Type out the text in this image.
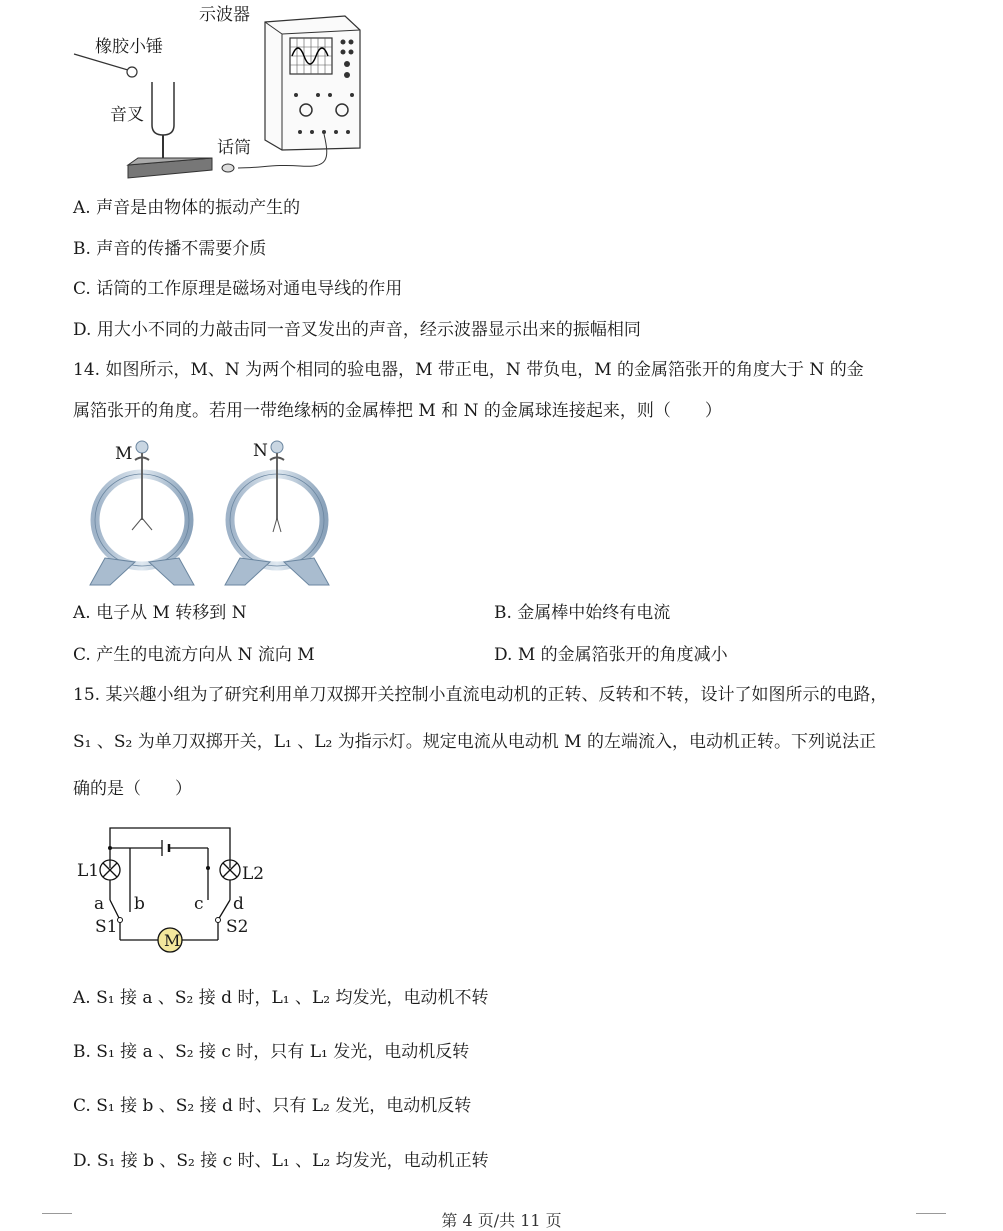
示波器
橡胶小锤
音叉
话筒
A. 声音是由物体的振动产生的
B. 声音的传播不需要介质
C. 话筒的工作原理是磁场对通电导线的作用
D. 用大小不同的力敲击同一音叉发出的声音，经示波器显示出来的振幅相同
14. 如图所示，M、N 为两个相同的验电器，M 带正电，N 带负电，M 的金属箔张开的角度大于 N 的金
属箔张开的角度。若用一带绝缘柄的金属棒把 M 和 N 的金属球连接起来，则（　　）
M	N
A. 电子从 M 转移到 N	B. 金属棒中始终有电流
C. 产生的电流方向从 N 流向 M	D. M 的金属箔张开的角度减小
15. 某兴趣小组为了研究利用单刀双掷开关控制小直流电动机的正转、反转和不转，设计了如图所示的电路，
S₁ 、S₂ 为单刀双掷开关，L₁ 、L₂ 为指示灯。规定电流从电动机 M 的左端流入，电动机正转。下列说法正
确的是（　　）
L1	L2
a b	c d
S1	S2
M
A. S₁ 接 a 、S₂ 接 d 时，L₁ 、L₂ 均发光，电动机不转
B. S₁ 接 a 、S₂ 接 c 时，只有 L₁ 发光，电动机反转
C. S₁ 接 b 、S₂ 接 d 时、只有 L₂ 发光，电动机反转
D. S₁ 接 b 、S₂ 接 c 时、L₁ 、L₂ 均发光，电动机正转
第 4 页/共 11 页
